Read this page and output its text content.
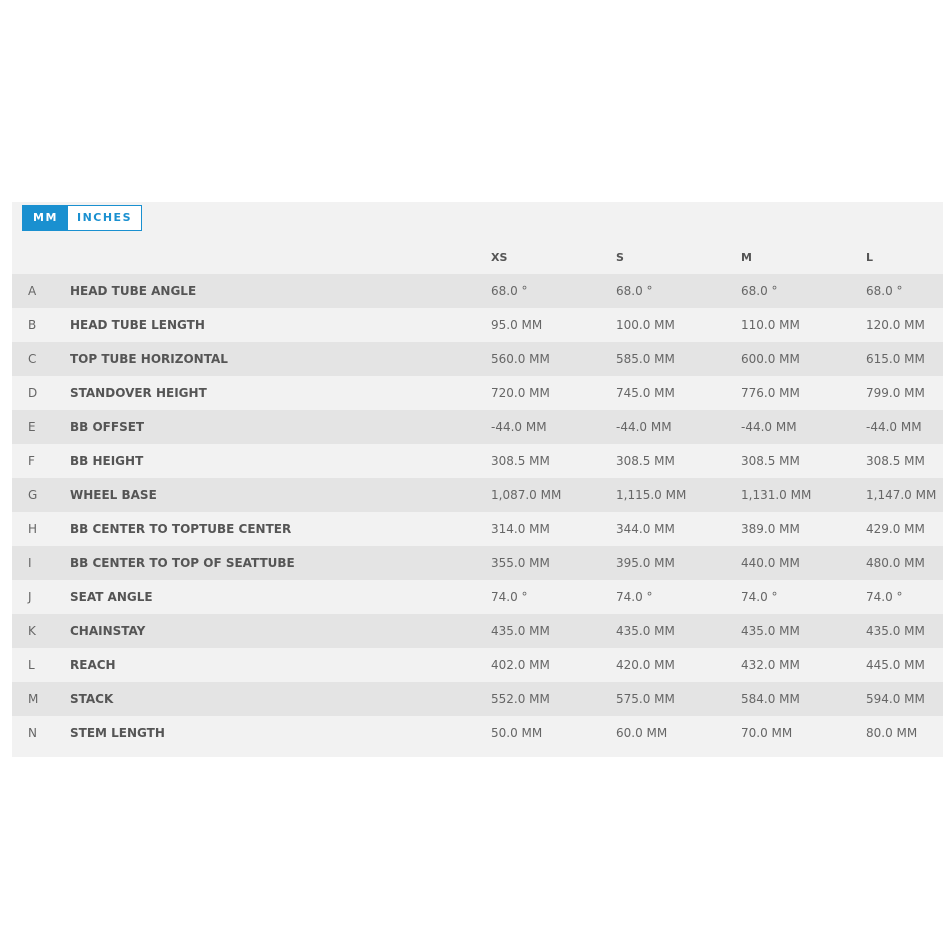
MM	INCHES
		XS	S	M	L
A	HEAD TUBE ANGLE	68.0 °	68.0 °	68.0 °	68.0 °
B	HEAD TUBE LENGTH	95.0 MM	100.0 MM	110.0 MM	120.0 MM
C	TOP TUBE HORIZONTAL	560.0 MM	585.0 MM	600.0 MM	615.0 MM
D	STANDOVER HEIGHT	720.0 MM	745.0 MM	776.0 MM	799.0 MM
E	BB OFFSET	-44.0 MM	-44.0 MM	-44.0 MM	-44.0 MM
F	BB HEIGHT	308.5 MM	308.5 MM	308.5 MM	308.5 MM
G	WHEEL BASE	1,087.0 MM	1,115.0 MM	1,131.0 MM	1,147.0 MM
H	BB CENTER TO TOPTUBE CENTER	314.0 MM	344.0 MM	389.0 MM	429.0 MM
I	BB CENTER TO TOP OF SEATTUBE	355.0 MM	395.0 MM	440.0 MM	480.0 MM
J	SEAT ANGLE	74.0 °	74.0 °	74.0 °	74.0 °
K	CHAINSTAY	435.0 MM	435.0 MM	435.0 MM	435.0 MM
L	REACH	402.0 MM	420.0 MM	432.0 MM	445.0 MM
M	STACK	552.0 MM	575.0 MM	584.0 MM	594.0 MM
N	STEM LENGTH	50.0 MM	60.0 MM	70.0 MM	80.0 MM
